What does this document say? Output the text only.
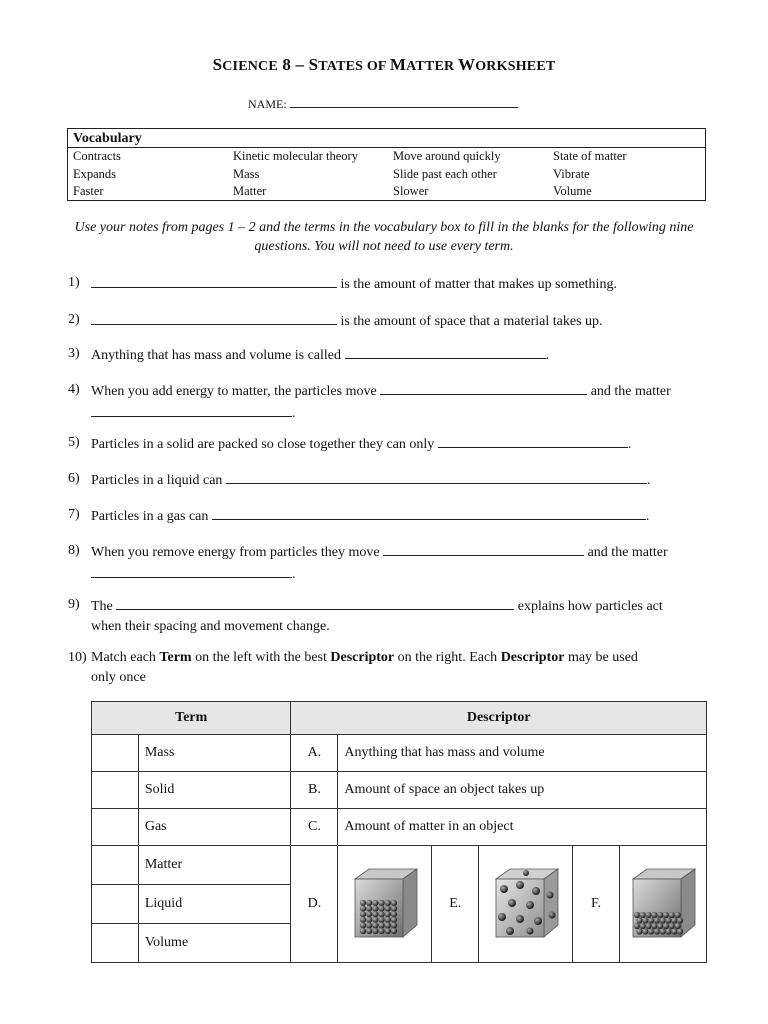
SCIENCE 8 – STATES OF MATTER WORKSHEET
NAME:
Vocabulary
Contracts	Kinetic molecular theory	Move around quickly	State of matter
Expands	Mass	Slide past each other	Vibrate
Faster	Matter	Slower	Volume
Use your notes from pages 1 – 2 and the terms in the vocabulary box to fill in the blanks for the following nine questions. You will not need to use every term.
1)	is the amount of matter that makes up something.
2)	is the amount of space that a material takes up.
3) Anything that has mass and volume is called	.
4) When you add energy to matter, the particles move	and the matter
.
5) Particles in a solid are packed so close together they can only	.
6) Particles in a liquid can	.
7) Particles in a gas can	.
8) When you remove energy from particles they move	and the matter
.
9) The	explains how particles act
when their spacing and movement change.
10) Match each Term on the left with the best Descriptor on the right. Each Descriptor may be used
only once
Term		Descriptor					
	Mass	A.	Anything that has mass and volume				
	Solid	B.	Amount of space an object takes up				
	Gas	C.	Amount of matter in an object				
	Matter	D.		E.		F.	

	Liquid						
	Volume						
